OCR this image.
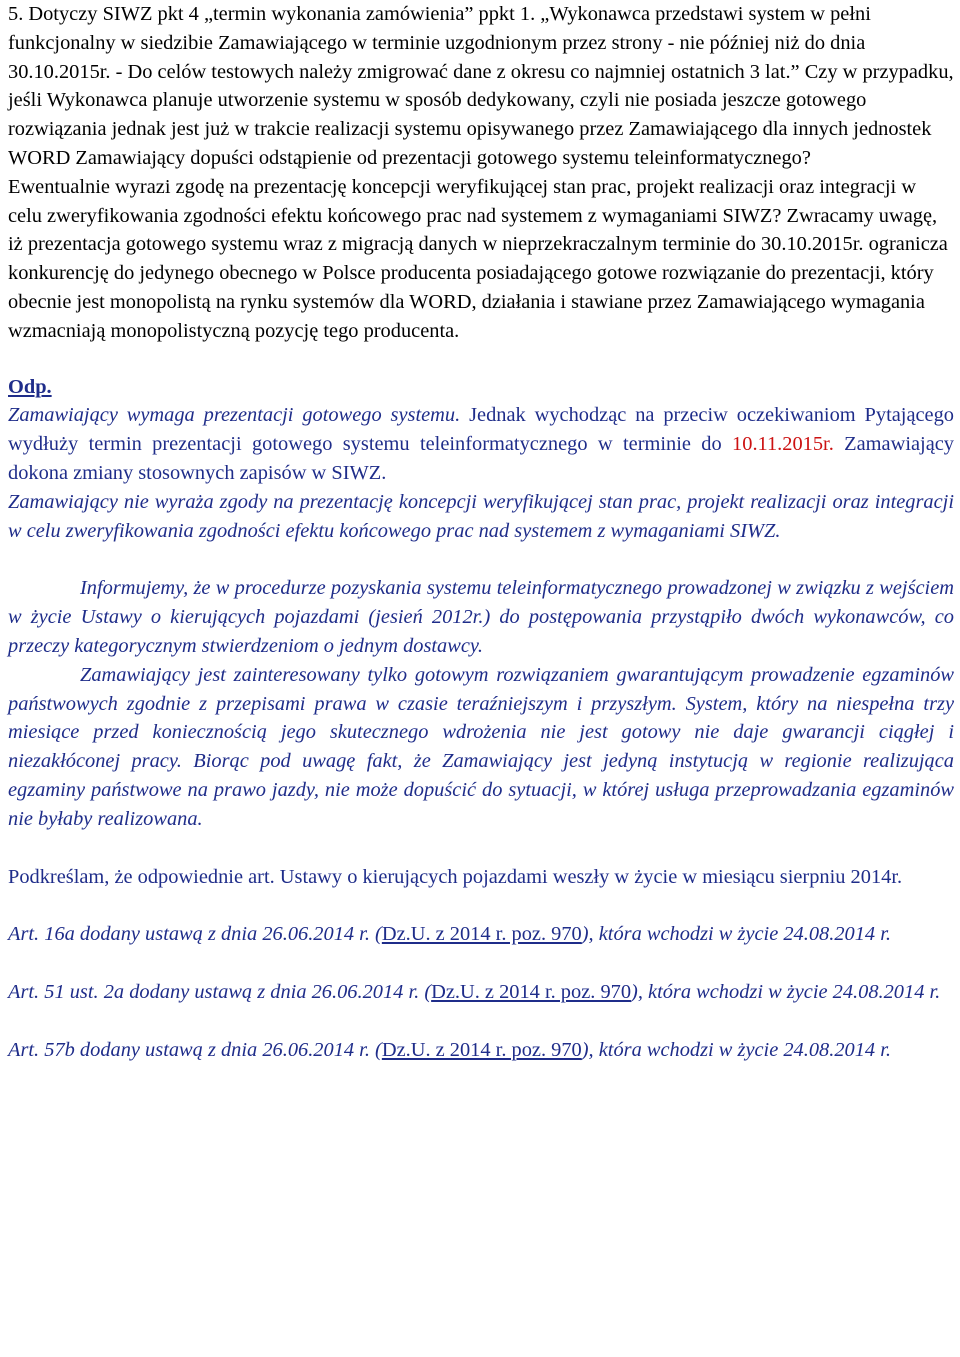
5. Dotyczy SIWZ pkt 4 „termin wykonania zamówienia” ppkt 1. „Wykonawca przedstawi system w pełni funkcjonalny w siedzibie Zamawiającego w terminie uzgodnionym przez strony - nie później niż do dnia 30.10.2015r. - Do celów testowych należy zmigrować dane z okresu co najmniej ostatnich 3 lat.” Czy w przypadku, jeśli Wykonawca planuje utworzenie systemu w sposób dedykowany, czyli nie posiada jeszcze gotowego rozwiązania jednak jest już w trakcie realizacji systemu opisywanego przez Zamawiającego dla innych jednostek WORD Zamawiający dopuści odstąpienie od prezentacji gotowego systemu teleinformatycznego?

Ewentualnie wyrazi zgodę na prezentację koncepcji weryfikującej stan prac, projekt realizacji oraz integracji w celu zweryfikowania zgodności efektu końcowego prac nad systemem z wymaganiami SIWZ? Zwracamy uwagę, iż prezentacja gotowego systemu wraz z migracją danych w nieprzekraczalnym terminie do 30.10.2015r. ogranicza konkurencję do jedynego obecnego w Polsce producenta posiadającego gotowe rozwiązanie do prezentacji, który obecnie jest monopolistą na rynku systemów dla WORD, działania i stawiane przez Zamawiającego wymagania wzmacniają monopolistyczną pozycję tego producenta.

Odp.

Zamawiający wymaga prezentacji gotowego systemu. Jednak wychodząc na przeciw oczekiwaniom Pytającego wydłuży termin prezentacji gotowego systemu teleinformatycznego w terminie do 10.11.2015r. Zamawiający dokona zmiany stosownych zapisów w SIWZ.

Zamawiający nie wyraża zgody na prezentację koncepcji weryfikującej stan prac, projekt realizacji oraz integracji w celu zweryfikowania zgodności efektu końcowego prac nad systemem z wymaganiami SIWZ.

Informujemy, że w procedurze pozyskania systemu teleinformatycznego prowadzonej w związku z wejściem w życie Ustawy o kierujących pojazdami (jesień 2012r.) do postępowania przystąpiło dwóch wykonawców, co przeczy kategorycznym stwierdzeniom o jednym dostawcy.

Zamawiający jest zainteresowany tylko gotowym rozwiązaniem gwarantującym prowadzenie egzaminów państwowych zgodnie z przepisami prawa w czasie teraźniejszym i przyszłym. System, który na niespełna trzy miesiące przed koniecznością jego skutecznego wdrożenia nie jest gotowy nie daje gwarancji ciągłej i niezakłóconej pracy. Biorąc pod uwagę fakt, że Zamawiający jest jedyną instytucją w regionie realizująca egzaminy państwowe na prawo jazdy, nie może dopuścić do sytuacji, w której usługa przeprowadzania egzaminów nie byłaby realizowana.

Podkreślam, że odpowiednie art. Ustawy o kierujących pojazdami weszły w życie w miesiącu sierpniu 2014r.

Art. 16a dodany ustawą z dnia 26.06.2014 r. (Dz.U. z 2014 r. poz. 970), która wchodzi w życie 24.08.2014 r.

Art. 51 ust. 2a dodany ustawą z dnia 26.06.2014 r. (Dz.U. z 2014 r. poz. 970), która wchodzi w życie 24.08.2014 r.

Art. 57b dodany ustawą z dnia 26.06.2014 r. (Dz.U. z 2014 r. poz. 970), która wchodzi w życie 24.08.2014 r.
